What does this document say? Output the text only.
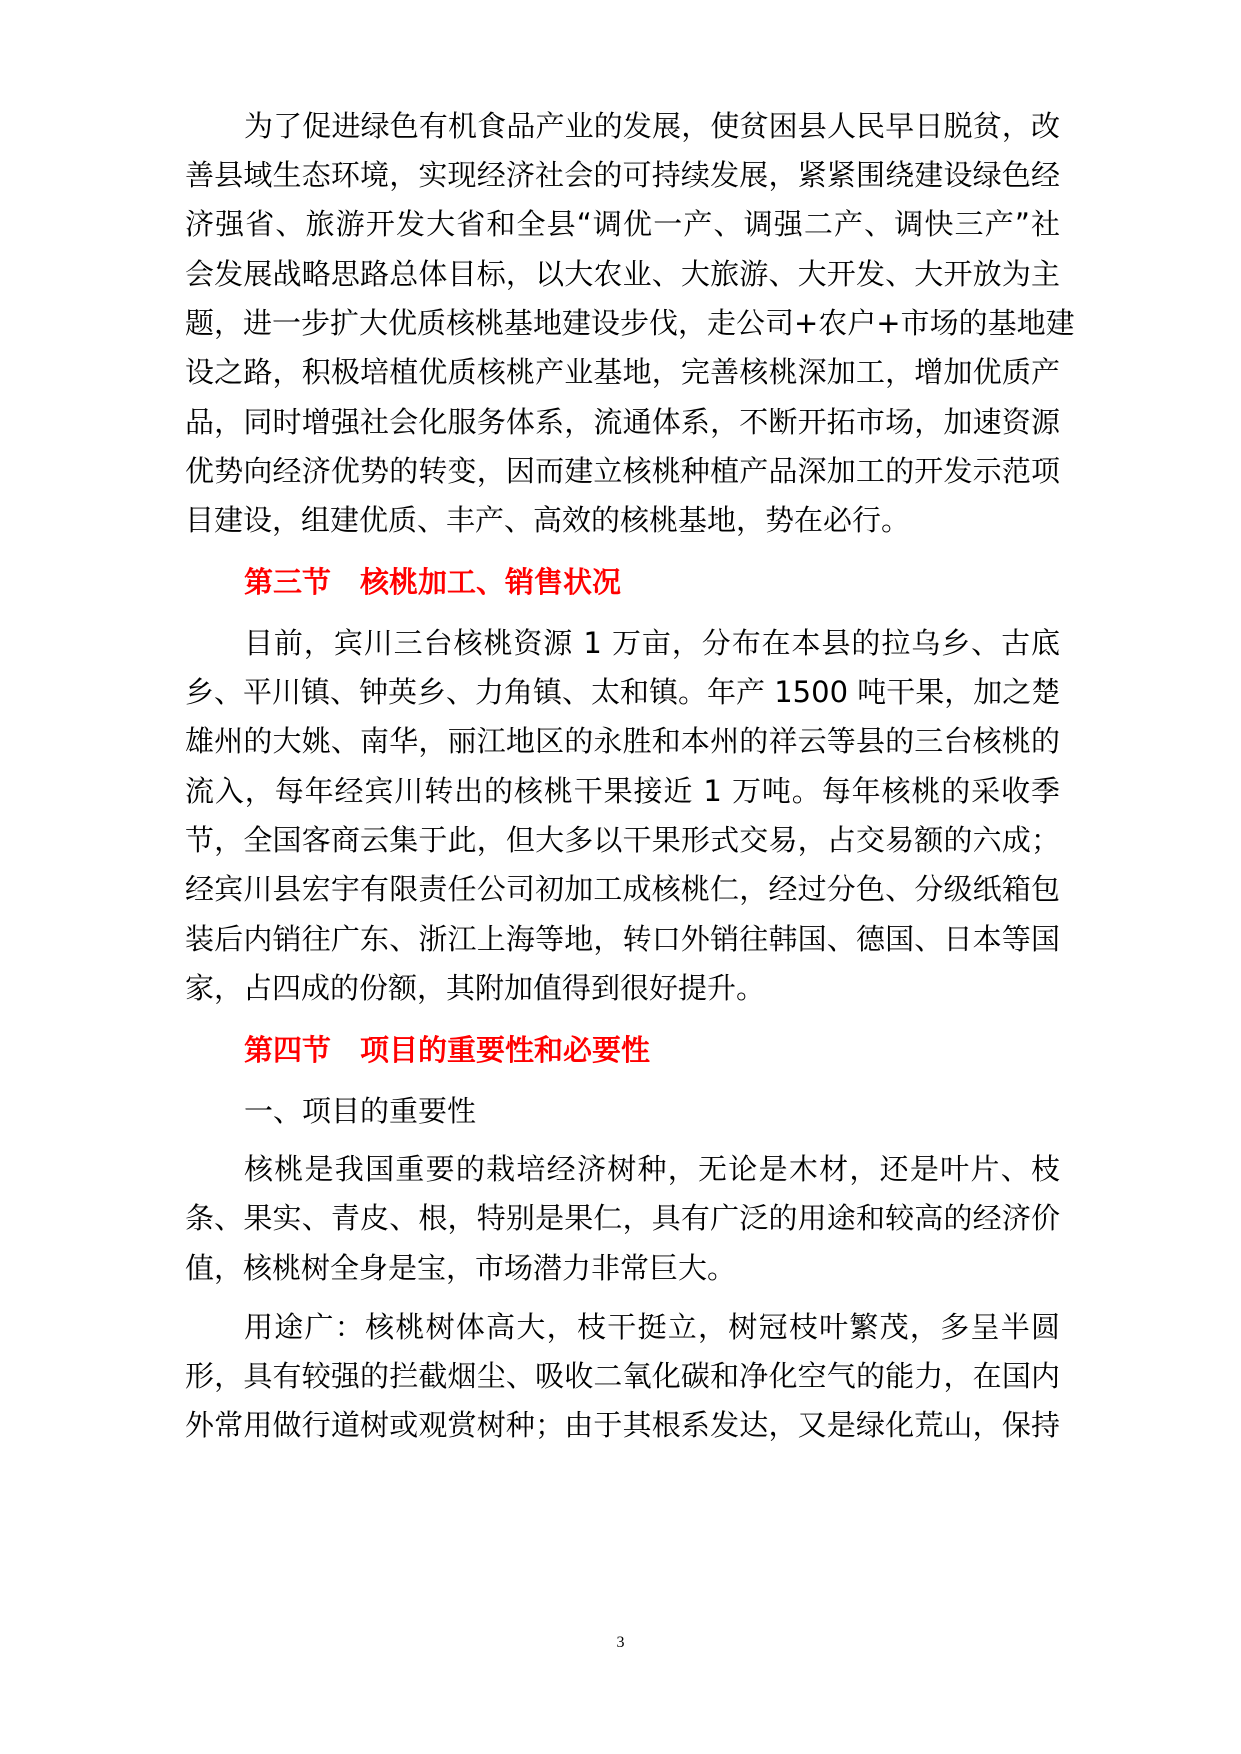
为了促进绿色有机食品产业的发展，使贫困县人民早日脱贫，改
善县域生态环境，实现经济社会的可持续发展，紧紧围绕建设绿色经
济强省、旅游开发大省和全县“调优一产、调强二产、调快三产”社
会发展战略思路总体目标，以大农业、大旅游、大开发、大开放为主
题，进一步扩大优质核桃基地建设步伐，走公司+农户+市场的基地建
设之路，积极培植优质核桃产业基地，完善核桃深加工，增加优质产
品，同时增强社会化服务体系，流通体系，不断开拓市场，加速资源
优势向经济优势的转变，因而建立核桃种植产品深加工的开发示范项
目建设，组建优质、丰产、高效的核桃基地，势在必行。
第三节　核桃加工、销售状况
目前，宾川三台核桃资源 1 万亩，分布在本县的拉乌乡、古底
乡、平川镇、钟英乡、力角镇、太和镇。年产 1500 吨干果，加之楚
雄州的大姚、南华，丽江地区的永胜和本州的祥云等县的三台核桃的
流入，每年经宾川转出的核桃干果接近 1 万吨。每年核桃的采收季
节，全国客商云集于此，但大多以干果形式交易，占交易额的六成；
经宾川县宏宇有限责任公司初加工成核桃仁，经过分色、分级纸箱包
装后内销往广东、浙江上海等地，转口外销往韩国、德国、日本等国
家，占四成的份额，其附加值得到很好提升。
第四节　项目的重要性和必要性
一、项目的重要性
核桃是我国重要的栽培经济树种，无论是木材，还是叶片、枝
条、果实、青皮、根，特别是果仁，具有广泛的用途和较高的经济价
值，核桃树全身是宝，市场潜力非常巨大。
用途广：核桃树体高大，枝干挺立，树冠枝叶繁茂，多呈半圆
形，具有较强的拦截烟尘、吸收二氧化碳和净化空气的能力，在国内
外常用做行道树或观赏树种；由于其根系发达，又是绿化荒山，保持
3
